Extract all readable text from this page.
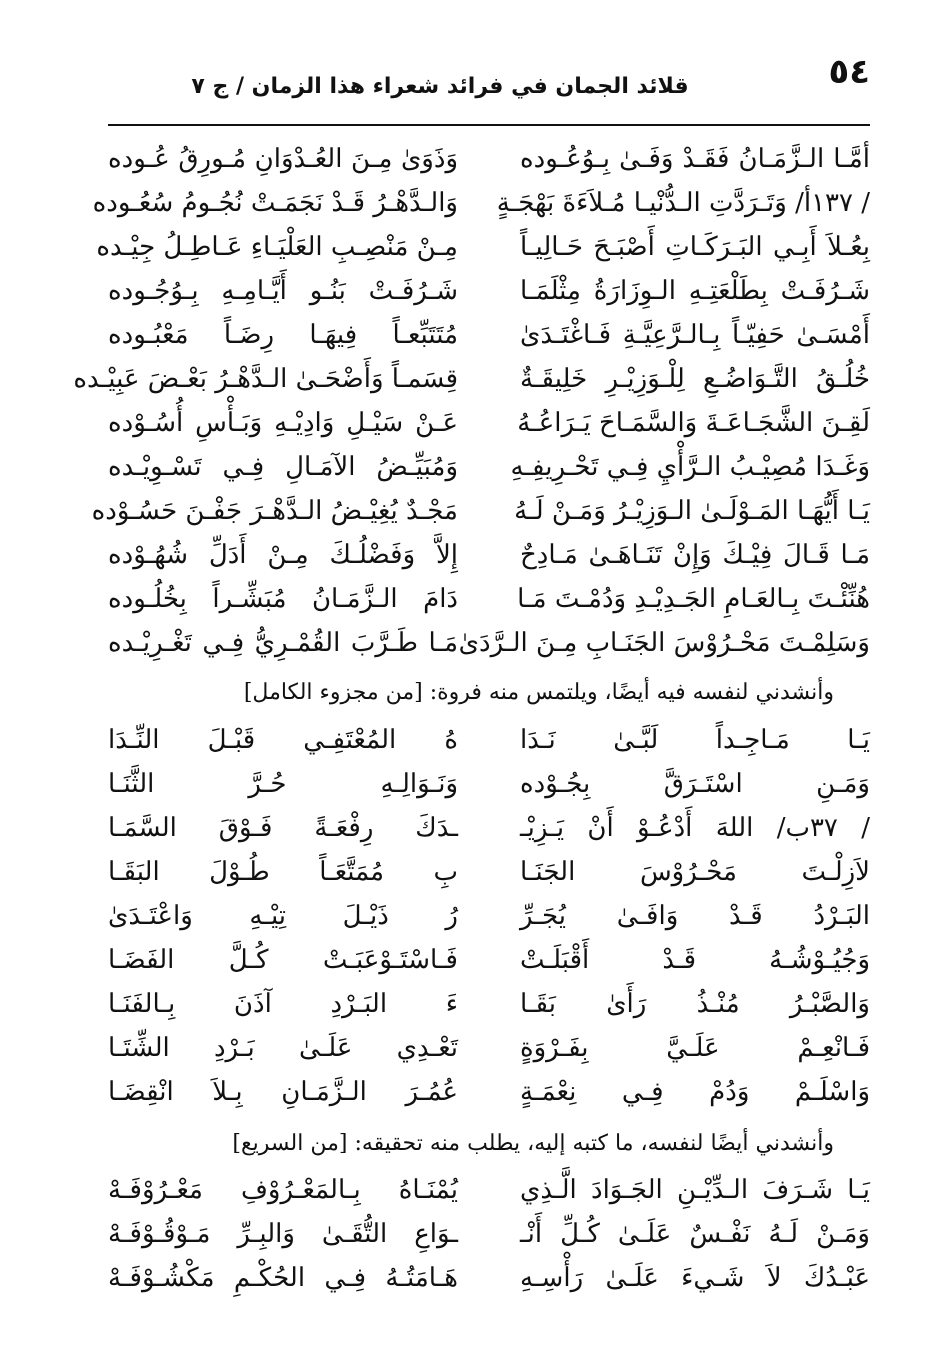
٥٤
قلائد الجمان في فرائد شعراء هذا الزمان / ج ٧
أمَّـا الـزَّمَـانُ فَقَـدْ وَفَـىٰ بِـوُعُـوده
وَذَوَىٰ مِـنَ العُـدْوَانِ مُـورِقُ عُـوده
/ ١٣٧أ/ وَتَـرَدَّتِ الـدُّنْيـا مُـلاَءَةَ بَهْجَـةٍ
وَالـدَّهْـرُ قَـدْ نَجَمَـتْ نُجُـومُ سُعُـوده
بِعُـلاَ أَبِـي البَـرَكَـاتِ أَصْبَـحَ حَـالِيـاً
مِـنْ مَنْصِـبِ العَلْيَـاءِ عَـاطِـلُ جِيْـده
شَـرُفَـتْ بِطَلْعَتِـهِ الـوِزَارَةُ مِثْلَمَـا
شَـرُفَـتْ بَنُـو أَيَّـامِـهِ بِـوُجُـوده
أَمْسَـىٰ حَفِيّـاً بِـالـرَّعِيَّـةِ فَـاغْتَـدَىٰ
مُتَتَبِّعـاً فِيهَـا رِضَـاً مَعْبُـوده
خُلُـقُ التَّـوَاضُـعِ لِلْـوَزِيْـرِ خَلِيقَـةٌ
قِسَمـاً وَأَضْحَـىٰ الـدَّهْـرُ بَعْـضَ عَبِيْـده
لَقِـنَ الشَّجَـاعَـةَ وَالسَّمَـاحَ يَـرَاعُـهُ
عَـنْ سَيْـلِ وَادِيْـهِ وَبَـأْسِ أُسُـوْده
وَغَـدَا مُصِيْـبُ الـرَّأْيِ فِـي تَحْـرِيفِـهِ
وَمُبَيِّـضُ الآمَـالِ فِـي تَسْـوِيْـده
يَـا أَيُّهَـا المَـوْلَـىٰ الـوَزِيْـرُ وَمَـنْ لَـهُ
مَجْـدٌ يُغِيْـضُ الـدَّهْـرَ جَفْـنَ حَسُـوْده
مَـا قَـالَ فِيْـكَ وَإِنْ تَنَـاهَـىٰ مَـادِحٌ
إِلاَّ وَفَضْلُـكَ مِـنْ أَدَلِّ شُهُـوْده
هُنِّئْـتَ بِـالعَـامِ الجَـدِيْـدِ وَدُمْـتَ مَـا
دَامَ الـزَّمَـانُ مُبَشِّـراً بِخُلُـوده
وَسَلِمْـتَ مَحْـرُوْسَ الجَنَـابِ مِـنَ الـرَّدَىٰ
مَـا طَـرَّبَ القُمْـرِيُّ فِـي تَغْـرِيْـده
وأنشدني لنفسه فيه أيضًا، ويلتمس منه فروة: [من مجزوء الكامل]
يَـا مَـاجِـداً لَبَّـىٰ نَـدَا
هُ المُعْتَفِـي قَبْـلَ النِّـدَا
وَمَـنِ اسْتَـرَقَّ بِجُـوْده
وَنَـوَالِـهِ حُـرَّ الثَّنَـا
/ ٣٧ب/ اللهَ أَدْعُـوْ أَنْ يَـزِيْـ
ـدَكَ رِفْعَـةً فَـوْقَ السَّمَـا
لاَزِلْـتَ مَحْـرُوْسَ الجَنَـا
بِ مُمَتَّعَـاً طُـوْلَ البَقَـا
البَـرْدُ قَـدْ وَافَـىٰ يُجَـرِّ
رُ ذَيْـلَ تِيْـهِ وَاعْتَـدَىٰ
وَجُيُـوْشُـهُ قَـدْ أَقْبَلَـتْ
فَـاسْتَـوْعَبَـتْ كُـلَّ الفَضَـا
وَالصَّبْـرُ مُنْـذُ رَأَىٰ بَقَـا
ءَ البَـرْدِ آذَنَ بِـالفَنَـا
فَـانْعِـمْ عَلَـيَّ بِفَـرْوَةٍ
تَعْـدِي عَلَـىٰ بَـرْدِ الشِّتَـا
وَاسْلَـمْ وَدُمْ فِـي نِعْمَـةٍ
عُمُـرَ الـزَّمَـانِ بِـلاَ انْقِضَـا
وأنشدني أيضًا لنفسه، ما كتبه إليه، يطلب منه تحقيقه: [من السريع]
يَـا شَـرَفَ الـدِّيْـنِ الجَـوَادَ الَّـذِي
يُمْنَـاهُ بِـالمَعْـرُوْفِ مَعْـرُوْفَـهْ
وَمَـنْ لَـهُ نَفْـسٌ عَلَـىٰ كُـلِّ أَنْـ
ـوَاعِ التُّقَـىٰ وَالبِـرِّ مَـوْقُـوْفَـهْ
عَبْـدُكَ لاَ شَـيءَ عَلَـىٰ رَأْسِـهِ
هَـامَتُـهُ فِـي الحُكْـمِ مَكْشُـوْفَـهْ
